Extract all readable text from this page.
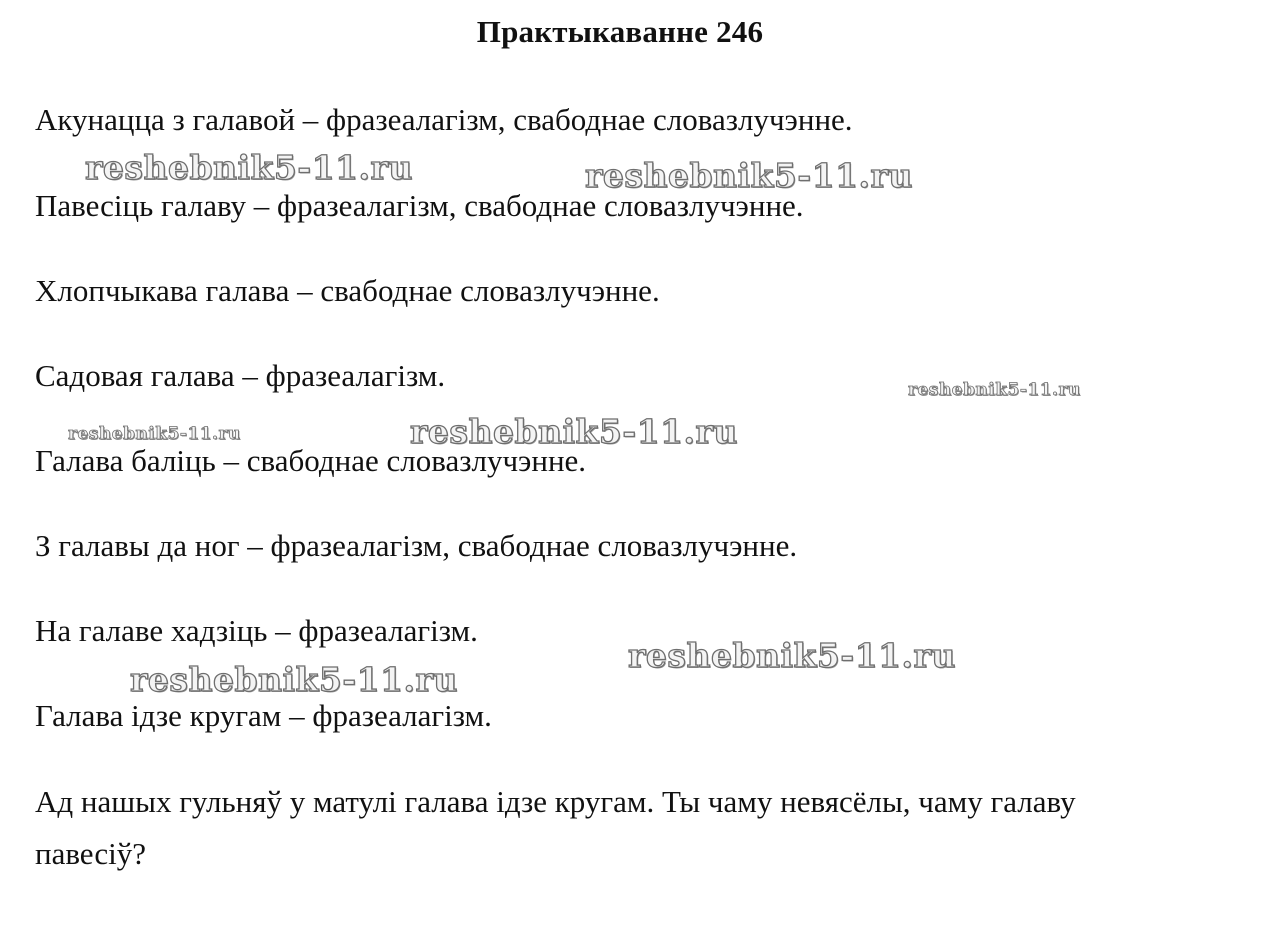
Практыкаванне 246
Акунацца з галавой – фразеалагізм, свабоднае словазлучэнне.
Павесіць галаву – фразеалагізм, свабоднае словазлучэнне.
Хлопчыкава галава – свабоднае словазлучэнне.
Садовая галава – фразеалагізм.
Галава баліць – свабоднае словазлучэнне.
З галавы да ног – фразеалагізм, свабоднае словазлучэнне.
На галаве хадзіць – фразеалагізм.
Галава ідзе кругам – фразеалагізм.
Ад нашых гульняў у матулі галава ідзе кругам. Ты чаму невясёлы, чаму галаву павесіў?
reshebnik5-11.ru	reshebnik5-11.ru
reshebnik5-11.ru
reshebnik5-11.ru	reshebnik5-11.ru
reshebnik5-11.ru
reshebnik5-11.ru
